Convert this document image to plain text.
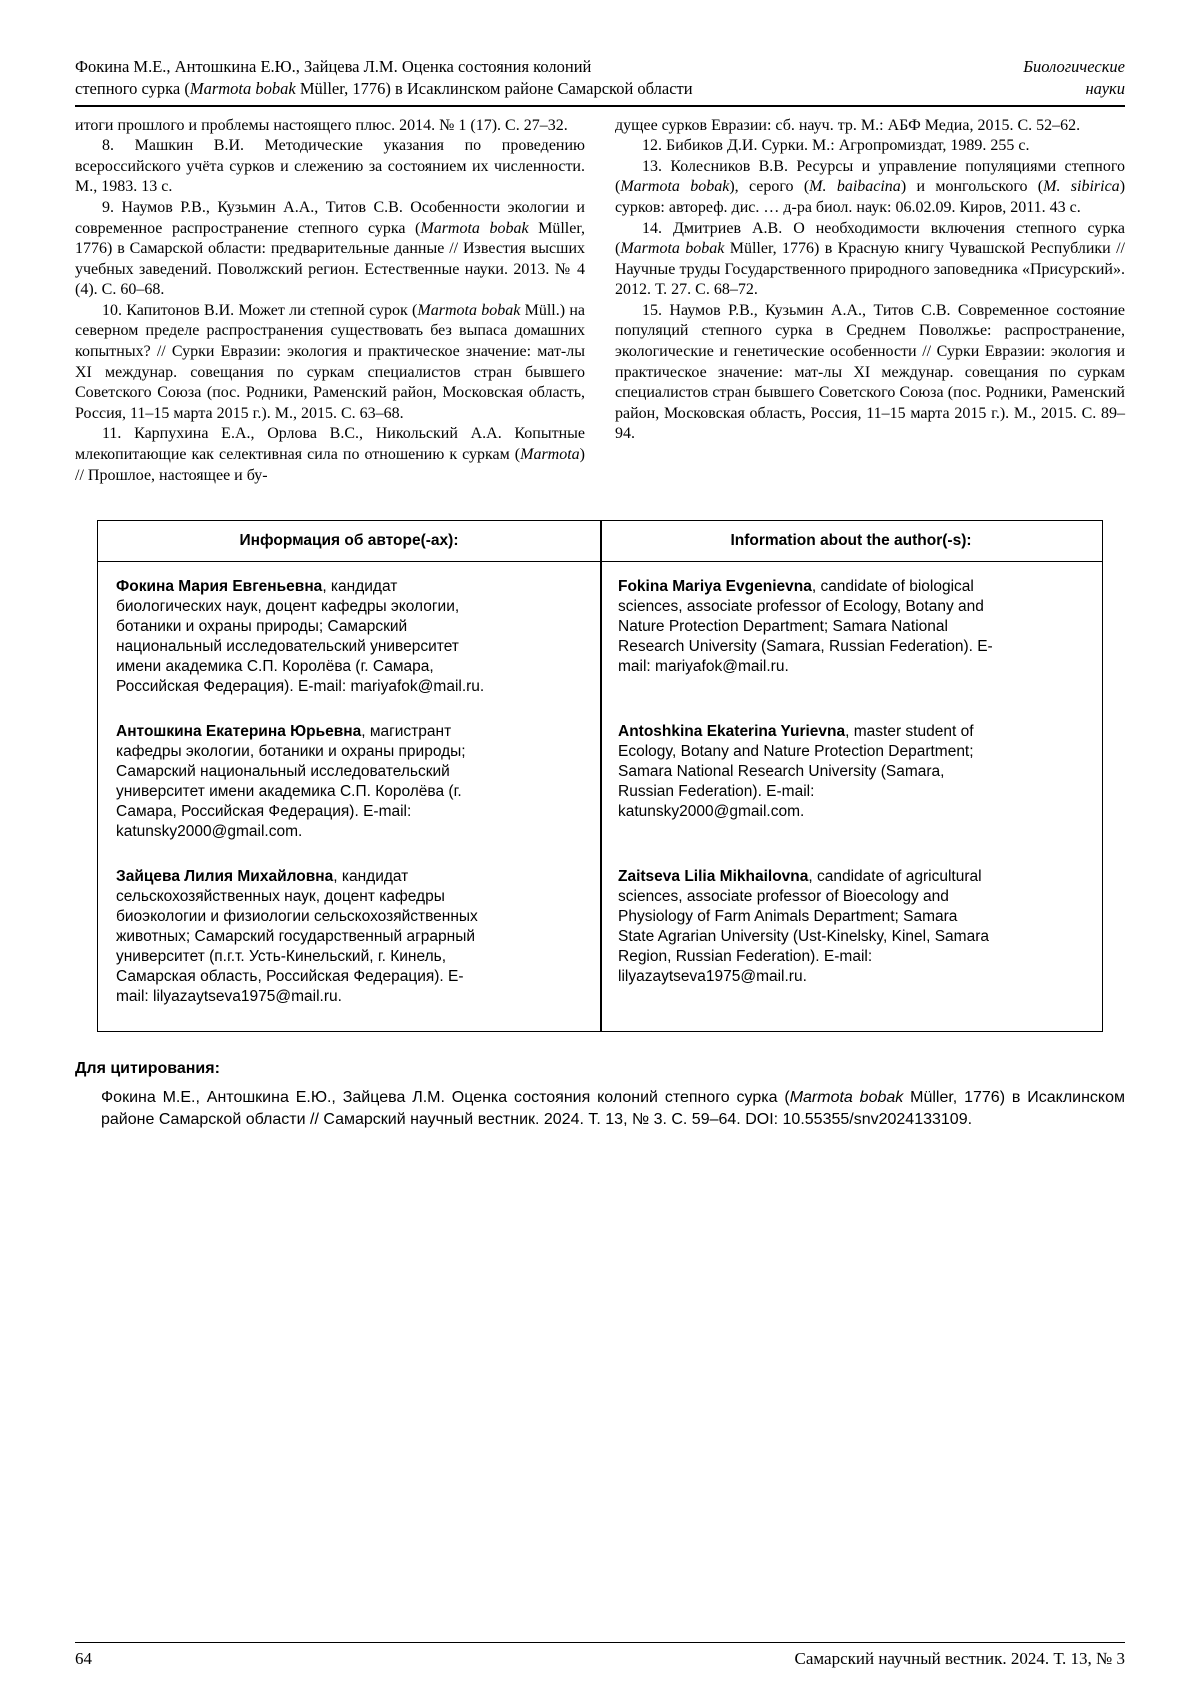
Фокина М.Е., Антошкина Е.Ю., Зайцева Л.М. Оценка состояния колоний
степного сурка (Marmota bobak Müller, 1776) в Исаклинском районе Самарской области
Биологические
науки

итоги прошлого и проблемы настоящего плюс. 2014. № 1 (17). С. 27–32.

8. Машкин В.И. Методические указания по проведению всероссийского учёта сурков и слежению за состоянием их численности. М., 1983. 13 с.

9. Наумов Р.В., Кузьмин А.А., Титов С.В. Особенности экологии и современное распространение степного сурка (Marmota bobak Müller, 1776) в Самарской области: предварительные данные // Известия высших учебных заведений. Поволжский регион. Естественные науки. 2013. № 4 (4). С. 60–68.

10. Капитонов В.И. Может ли степной сурок (Marmota bobak Müll.) на северном пределе распространения существовать без выпаса домашних копытных? // Сурки Евразии: экология и практическое значение: мат-лы XI междунар. совещания по суркам специалистов стран бывшего Советского Союза (пос. Родники, Раменский район, Московская область, Россия, 11–15 марта 2015 г.). М., 2015. С. 63–68.

11. Карпухина Е.А., Орлова В.С., Никольский А.А. Копытные млекопитающие как селективная сила по отношению к суркам (Marmota) // Прошлое, настоящее и бу-

дущее сурков Евразии: сб. науч. тр. М.: АБФ Медиа, 2015. С. 52–62.

12. Бибиков Д.И. Сурки. М.: Агропромиздат, 1989. 255 с.

13. Колесников В.В. Ресурсы и управление популяциями степного (Marmota bobak), серого (M. baibacina) и монгольского (M. sibirica) сурков: автореф. дис. … д-ра биол. наук: 06.02.09. Киров, 2011. 43 с.

14. Дмитриев А.В. О необходимости включения степного сурка (Marmota bobak Müller, 1776) в Красную книгу Чувашской Республики // Научные труды Государственного природного заповедника «Присурский». 2012. Т. 27. С. 68–72.

15. Наумов Р.В., Кузьмин А.А., Титов С.В. Современное состояние популяций степного сурка в Среднем Поволжье: распространение, экологические и генетические особенности // Сурки Евразии: экология и практическое значение: мат-лы XI междунар. совещания по суркам специалистов стран бывшего Советского Союза (пос. Родники, Раменский район, Московская область, Россия, 11–15 марта 2015 г.). М., 2015. С. 89–94.

Информация об авторе(-ах):	Information about the author(-s):
Фокина Мария Евгеньевна, кандидат биологических наук, доцент кафедры экологии, ботаники и охраны природы; Самарский национальный исследовательский университет имени академика С.П. Королёва (г. Самара, Российская Федерация). E-mail: mariyafok@mail.ru.
Fokina Mariya Evgenievna, candidate of biological sciences, associate professor of Ecology, Botany and Nature Protection Department; Samara National Research University (Samara, Russian Federation). E-mail: mariyafok@mail.ru.
Антошкина Екатерина Юрьевна, магистрант кафедры экологии, ботаники и охраны природы; Самарский национальный исследовательский университет имени академика С.П. Королёва (г. Самара, Российская Федерация). E-mail: katunsky2000@gmail.com.
Antoshkina Ekaterina Yurievna, master student of Ecology, Botany and Nature Protection Department; Samara National Research University (Samara, Russian Federation). E-mail: katunsky2000@gmail.com.
Зайцева Лилия Михайловна, кандидат сельскохозяйственных наук, доцент кафедры биоэкологии и физиологии сельскохозяйственных животных; Самарский государственный аграрный университет (п.г.т. Усть-Кинельский, г. Кинель, Самарская область, Российская Федерация). E-mail: lilyazaytseva1975@mail.ru.
Zaitseva Lilia Mikhailovna, candidate of agricultural sciences, associate professor of Bioecology and Physiology of Farm Animals Department; Samara State Agrarian University (Ust-Kinelsky, Kinel, Samara Region, Russian Federation). E-mail: lilyazaytseva1975@mail.ru.
Для цитирования:

Фокина М.Е., Антошкина Е.Ю., Зайцева Л.М. Оценка состояния колоний степного сурка (Marmota bobak Müller, 1776) в Исаклинском районе Самарской области // Самарский научный вестник. 2024. Т. 13, № 3. С. 59–64. DOI: 10.55355/snv2024133109.

64	Самарский научный вестник. 2024. Т. 13, № 3
